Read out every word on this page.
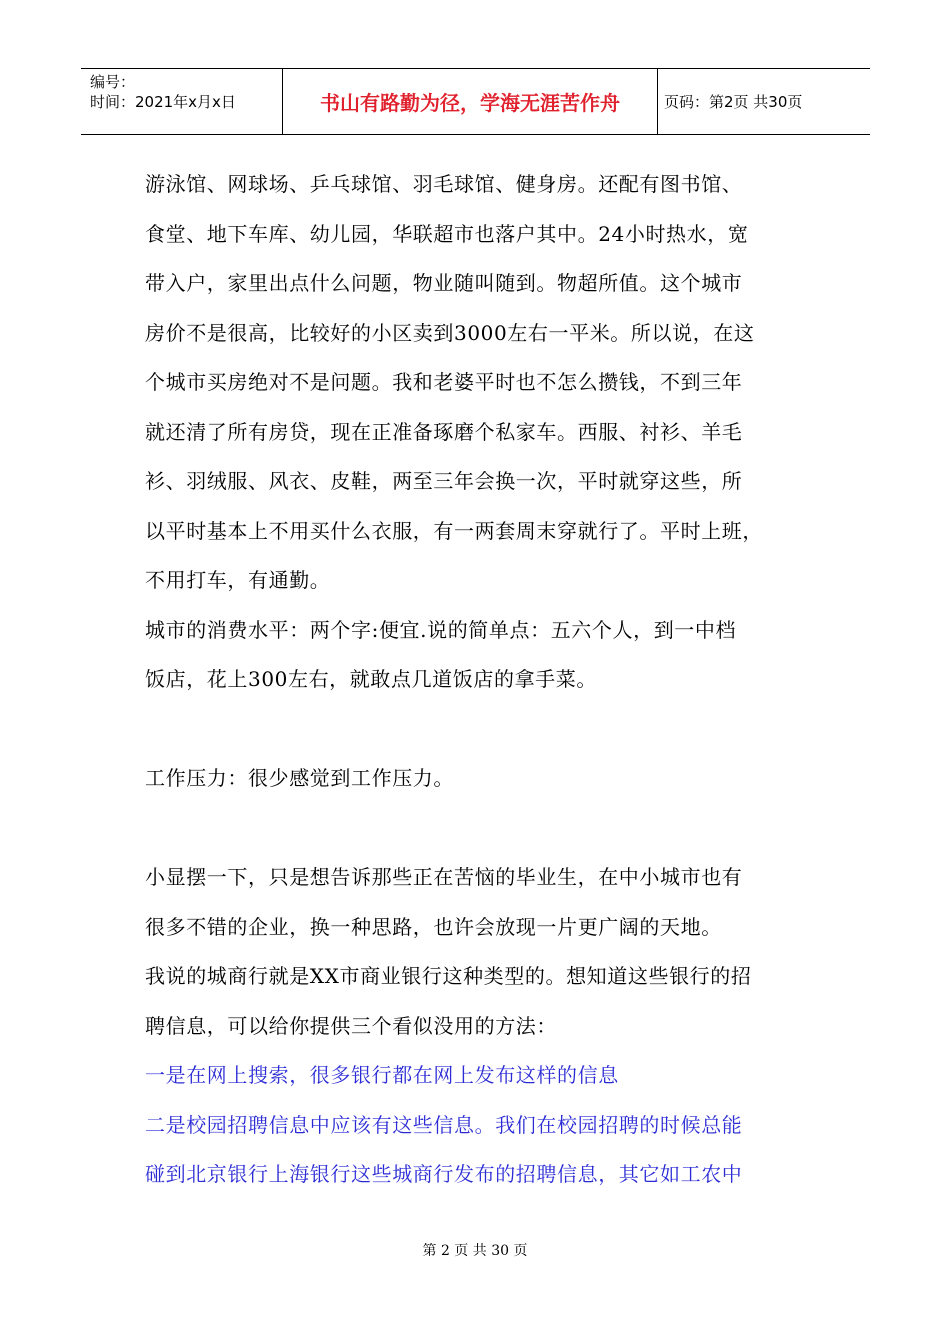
编号：
时间：2021年x月x日	书山有路勤为径，学海无涯苦作舟	页码：第2页 共30页
游泳馆、网球场、乒乓球馆、羽毛球馆、健身房。还配有图书馆、
食堂、地下车库、幼儿园，华联超市也落户其中。24小时热水，宽
带入户，家里出点什么问题，物业随叫随到。物超所值。这个城市
房价不是很高，比较好的小区卖到3000左右一平米。所以说，在这
个城市买房绝对不是问题。我和老婆平时也不怎么攒钱，不到三年
就还清了所有房贷，现在正准备琢磨个私家车。西服、衬衫、羊毛
衫、羽绒服、风衣、皮鞋，两至三年会换一次，平时就穿这些，所
以平时基本上不用买什么衣服，有一两套周末穿就行了。平时上班，
不用打车，有通勤。
城市的消费水平：两个字:便宜.说的简单点：五六个人，到一中档
饭店，花上300左右，就敢点几道饭店的拿手菜。
工作压力：很少感觉到工作压力。
小显摆一下，只是想告诉那些正在苦恼的毕业生，在中小城市也有
很多不错的企业，换一种思路，也许会放现一片更广阔的天地。
我说的城商行就是XX市商业银行这种类型的。想知道这些银行的招
聘信息，可以给你提供三个看似没用的方法：
一是在网上搜索，很多银行都在网上发布这样的信息
二是校园招聘信息中应该有这些信息。我们在校园招聘的时候总能
碰到北京银行上海银行这些城商行发布的招聘信息，其它如工农中
第 2 页 共 30 页
